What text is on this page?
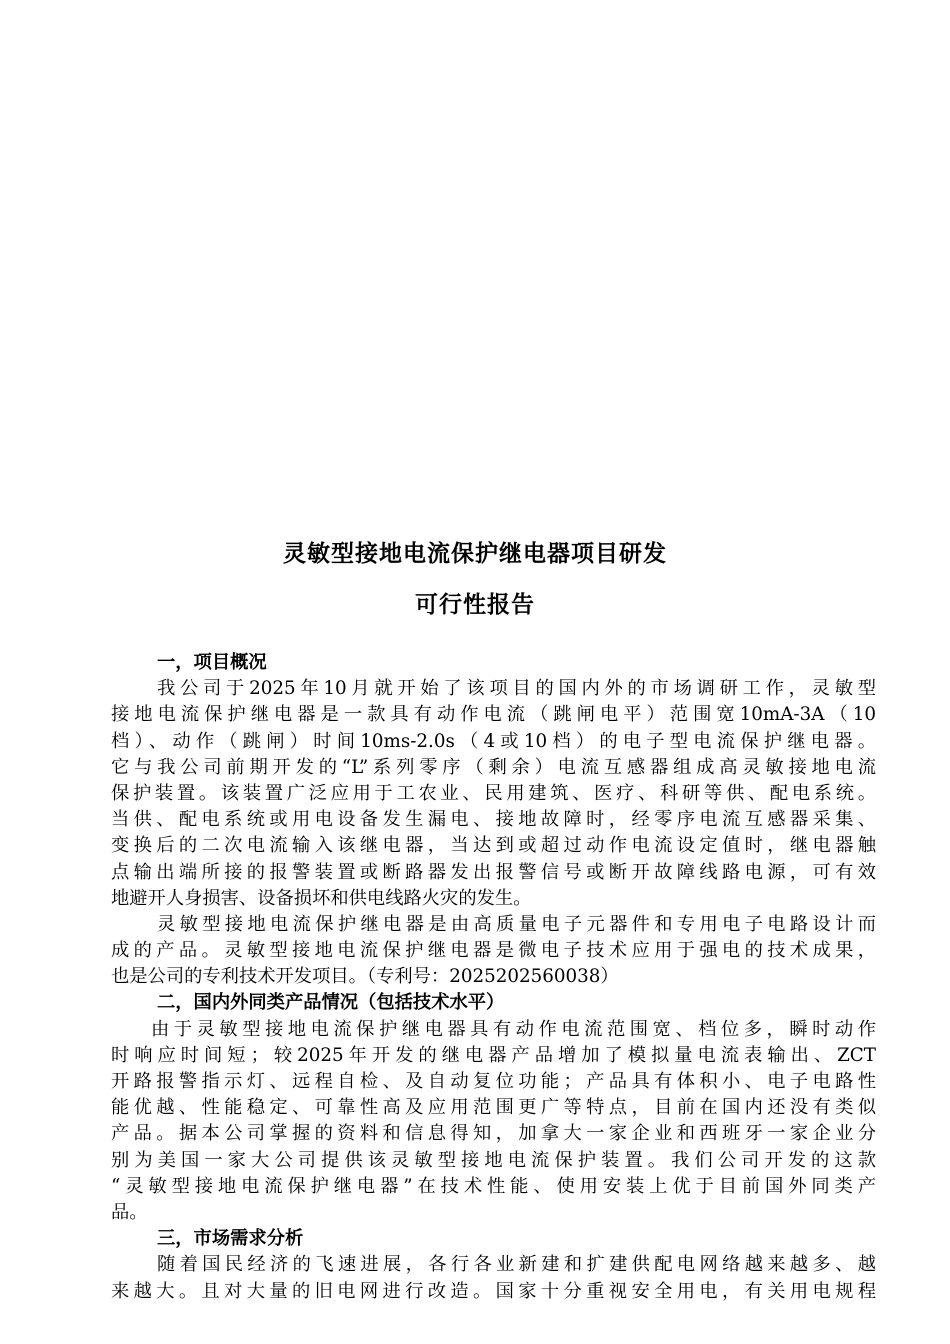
灵敏型接地电流保护继电器项目研发
可行性报告
一，项目概况
我公司于2025年10月就开始了该项目的国内外的市场调研工作，灵敏型
接地电流保护继电器是一款具有动作电流（跳闸电平）范围宽10mA-3A（10
档）、动作（跳闸）时间10ms-2.0s（4或10档）的电子型电流保护继电器。
它与我公司前期开发的“L”系列零序（剩余）电流互感器组成高灵敏接地电流
保护装置。该装置广泛应用于工农业、民用建筑、医疗、科研等供、配电系统。
当供、配电系统或用电设备发生漏电、接地故障时，经零序电流互感器采集、
变换后的二次电流输入该继电器，当达到或超过动作电流设定值时，继电器触
点输出端所接的报警装置或断路器发出报警信号或断开故障线路电源，可有效
地避开人身损害、设备损坏和供电线路火灾的发生。
灵敏型接地电流保护继电器是由高质量电子元器件和专用电子电路设计而
成的产品。灵敏型接地电流保护继电器是微电子技术应用于强电的技术成果，
也是公司的专利技术开发项目。（专利号：2025202560038）
二，国内外同类产品情况（包括技术水平）
由于灵敏型接地电流保护继电器具有动作电流范围宽、档位多，瞬时动作
时响应时间短；较2025年开发的继电器产品增加了模拟量电流表输出、ZCT
开路报警指示灯、远程自检、及自动复位功能；产品具有体积小、电子电路性
能优越、性能稳定、可靠性高及应用范围更广等特点，目前在国内还没有类似
产品。据本公司掌握的资料和信息得知，加拿大一家企业和西班牙一家企业分
别为美国一家大公司提供该灵敏型接地电流保护装置。我们公司开发的这款
“灵敏型接地电流保护继电器”在技术性能、使用安装上优于目前国外同类产
品。
三，市场需求分析
随着国民经济的飞速进展，各行各业新建和扩建供配电网络越来越多、越
来越大。且对大量的旧电网进行改造。国家十分重视安全用电，有关用电规程
